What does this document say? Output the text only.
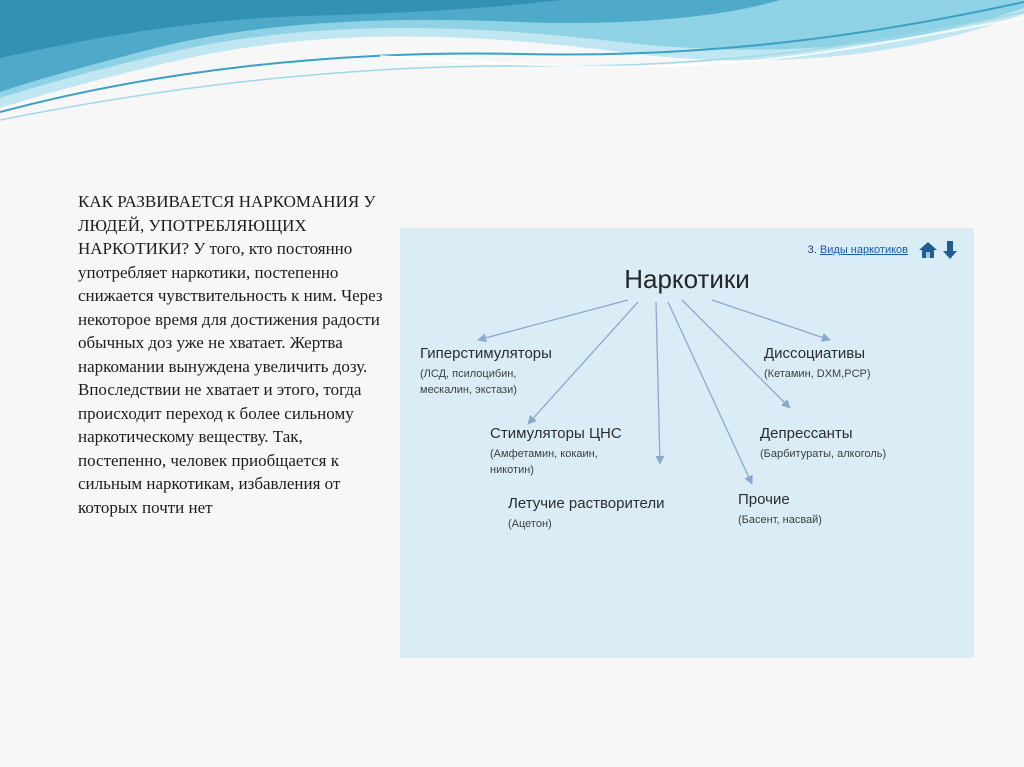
КАК РАЗВИВАЕТСЯ НАРКОМАНИЯ У ЛЮДЕЙ, УПОТРЕБЛЯЮЩИХ НАРКОТИКИ? У того, кто постоянно употребляет наркотики, постепенно снижается чувствительность к ним. Через некоторое время для достижения радости обычных доз уже не хватает. Жертва наркомании вынуждена увеличить дозу. Впоследствии не хватает и этого, тогда происходит переход к более сильному наркотическому веществу. Так, постепенно, человек приобщается к сильным наркотикам, избавления от которых почти нет

3. Виды наркотиков
Наркотики
Гиперстимуляторы
(ЛСД, псилоцибин,
мескалин, экстази)
Диссоциативы
(Кетамин, DXM,PCP)
Стимуляторы ЦНС
(Амфетамин, кокаин,
никотин)
Депрессанты
(Барбитураты, алкоголь)
Летучие растворители
(Ацетон)
Прочие
(Басент, насвай)
